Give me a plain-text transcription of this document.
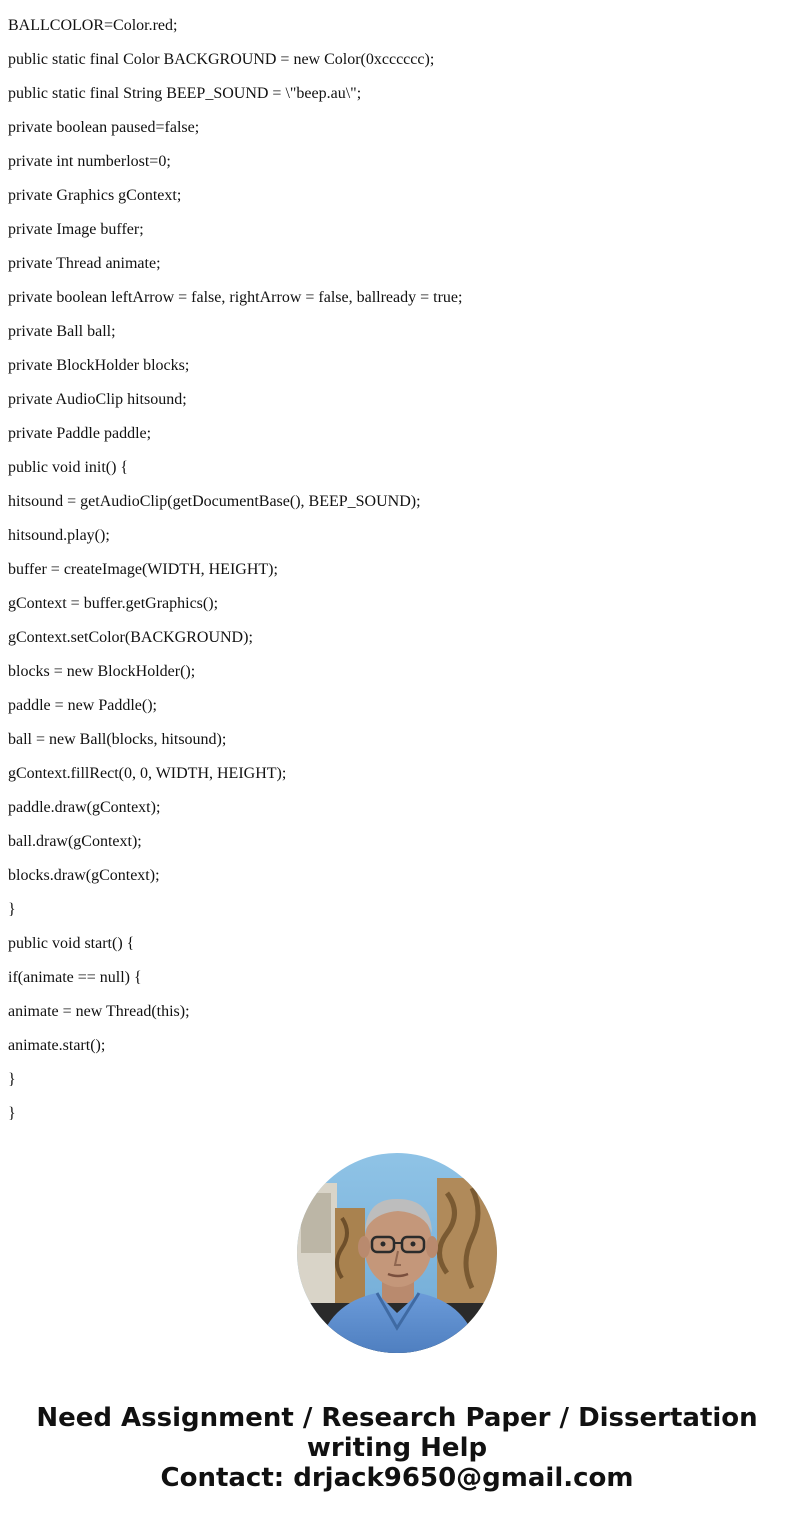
BALLCOLOR=Color.red;

public static final Color BACKGROUND = new Color(0xcccccc);

public static final String BEEP_SOUND = \"beep.au\";

private boolean paused=false;

private int numberlost=0;

private Graphics gContext;

private Image buffer;

private Thread animate;

private boolean leftArrow = false, rightArrow = false, ballready = true;

private Ball ball;

private BlockHolder blocks;

private AudioClip hitsound;

private Paddle paddle;

public void init() {

hitsound = getAudioClip(getDocumentBase(), BEEP_SOUND);

hitsound.play();

buffer = createImage(WIDTH, HEIGHT);

gContext = buffer.getGraphics();

gContext.setColor(BACKGROUND);

blocks = new BlockHolder();

paddle = new Paddle();

ball = new Ball(blocks, hitsound);

gContext.fillRect(0, 0, WIDTH, HEIGHT);

paddle.draw(gContext);

ball.draw(gContext);

blocks.draw(gContext);

}

public void start() {

if(animate == null) {

animate = new Thread(this);

animate.start();

}

}

Need Assignment / Research Paper / Dissertation
writing Help
Contact: drjack9650@gmail.com
